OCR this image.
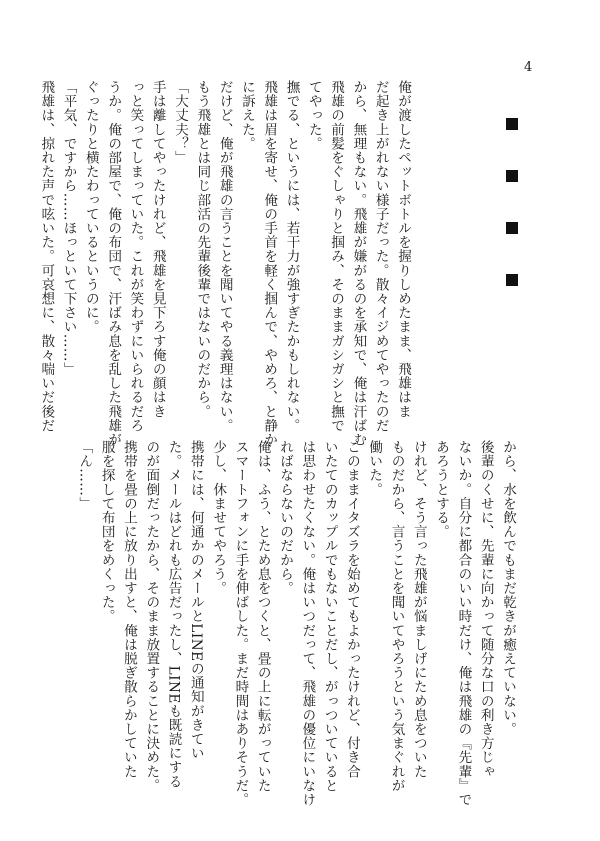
4

俺が渡したペットボトルを握りしめたまま、飛雄はま

だ起き上がれない様子だった。散々イジめてやったのだ

から、無理もない。飛雄が嫌がるのを承知で、俺は汗ばむ

飛雄の前髪をぐしゃりと掴み、そのままガシガシと撫で

てやった。

撫でる、というには、若干力が強すぎたかもしれない。

飛雄は眉を寄せ、俺の手首を軽く掴んで、やめろ、と静か

に訴えた。

だけど、俺が飛雄の言うことを聞いてやる義理はない。

もう飛雄とは同じ部活の先輩後輩ではないのだから。

「大丈夫？」

手は離してやったけれど、飛雄を見下ろす俺の顔はき

っと笑ってしまっていた。これが笑わずにいられるだろ

うか。俺の部屋で、俺の布団で、汗ばみ息を乱した飛雄が

ぐったりと横たわっているというのに。

「平気、ですから……ほっといて下さい……」

飛雄は、掠れた声で呟いた。可哀想に、散々喘いだ後だ

から、水を飲んでもまだ乾きが癒えていない。

後輩のくせに、先輩に向かって随分な口の利き方じゃ

ないか。自分に都合のいい時だけ、俺は飛雄の『先輩』で

あろうとする。

けれど、そう言った飛雄が悩ましげにため息をついた

ものだから、言うことを聞いてやろうという気まぐれが

働いた。

このままイタズラを始めてもよかったけれど、付き合

いたてのカップルでもないことだし、がっついていると

は思わせたくない。俺はいつだって、飛雄の優位にいなけ

ればならないのだから。

俺は、ふう、とため息をつくと、畳の上に転がっていた

スマートフォンに手を伸ばした。まだ時間はありそうだ。

少し、休ませてやろう。

携帯には、何通かのメールとLINEの通知がきてい

た。メールはどれも広告だったし、LINEも既読にする

のが面倒だったから、そのまま放置することに決めた。

携帯を畳の上に放り出すと、俺は脱ぎ散らかしていた

服を探して布団をめくった。

「ん……」
